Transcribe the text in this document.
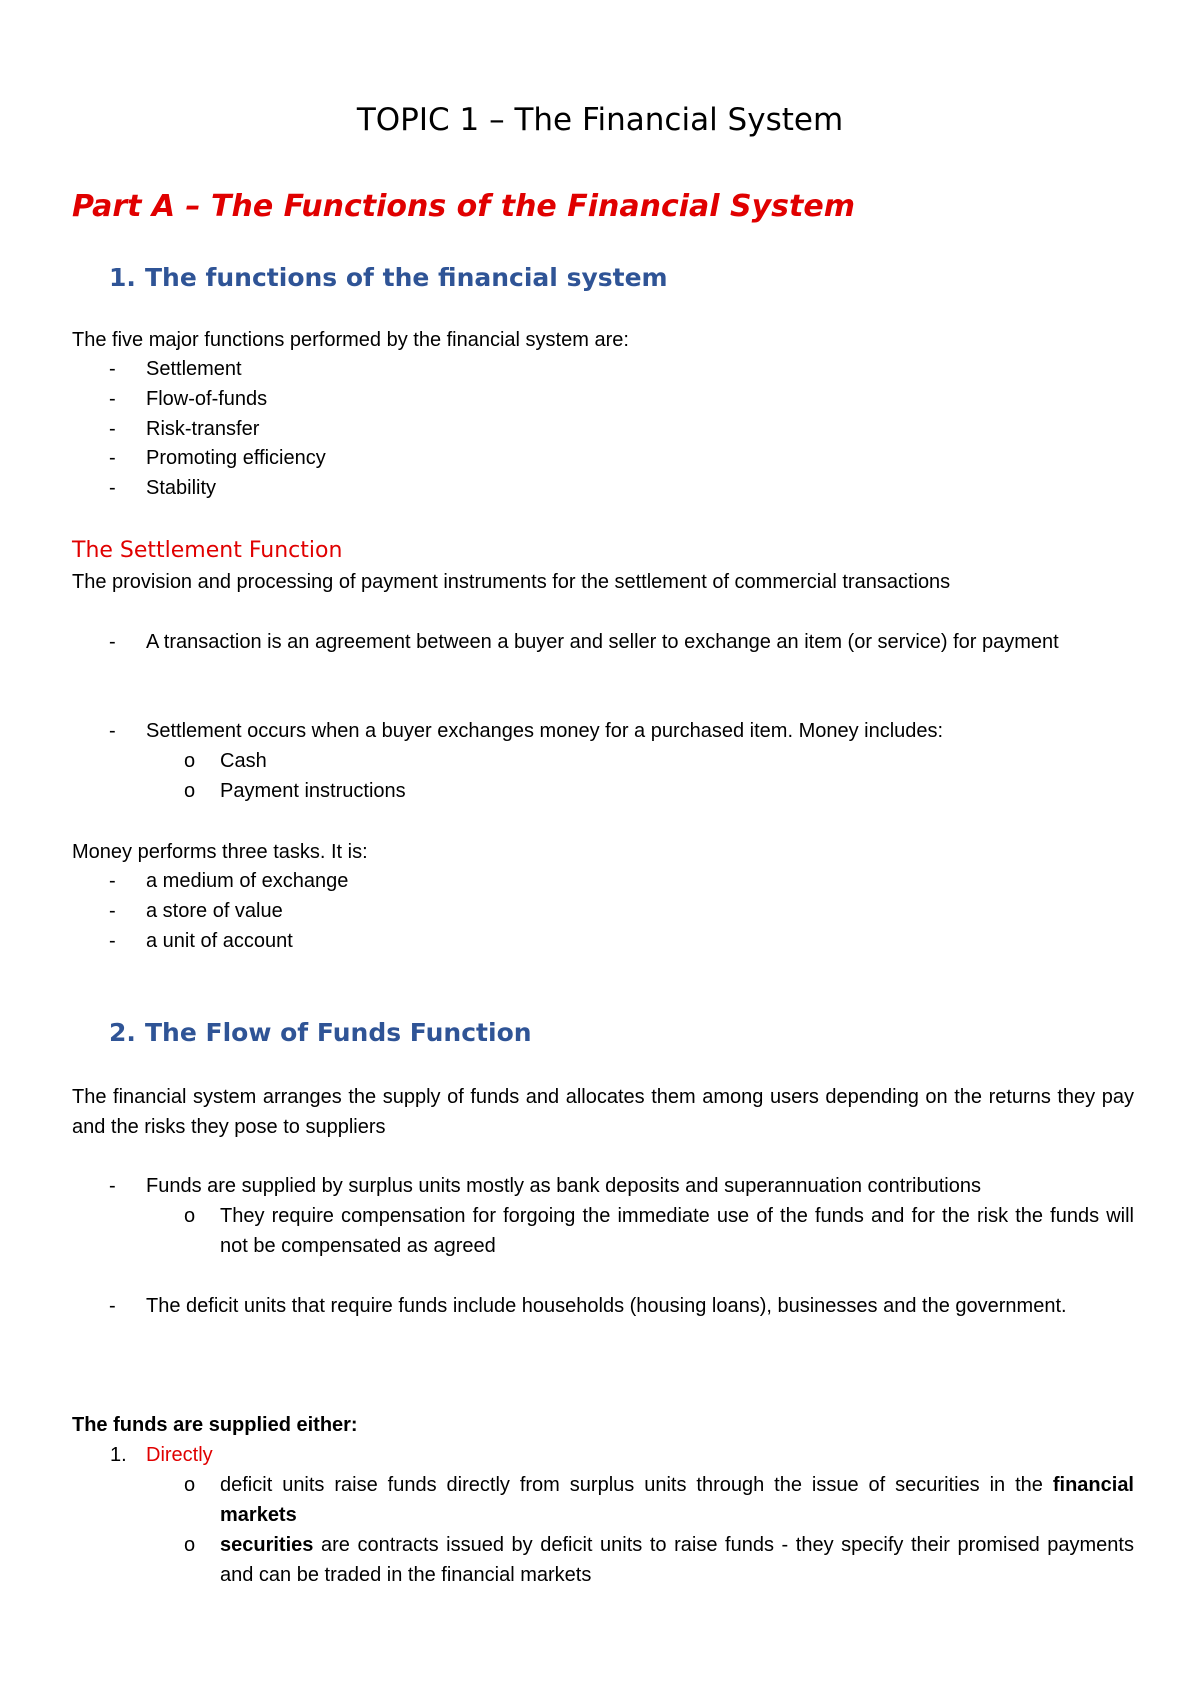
TOPIC 1 – The Financial System
Part A – The Functions of the Financial System
1. The functions of the financial system
The five major functions performed by the financial system are:
- Settlement
- Flow-of-funds
- Risk-transfer
- Promoting efficiency
- Stability
The Settlement Function
The provision and processing of payment instruments for the settlement of commercial transactions
- A transaction is an agreement between a buyer and seller to exchange an item (or service) for payment
- Settlement occurs when a buyer exchanges money for a purchased item. Money includes:
o Cash
o Payment instructions
Money performs three tasks. It is:
- a medium of exchange
- a store of value
- a unit of account
2. The Flow of Funds Function
The financial system arranges the supply of funds and allocates them among users depending on the returns they pay and the risks they pose to suppliers
- Funds are supplied by surplus units mostly as bank deposits and superannuation contributions
o They require compensation for forgoing the immediate use of the funds and for the risk the funds will not be compensated as agreed
- The deficit units that require funds include households (housing loans), businesses and the government.
The funds are supplied either:
1. Directly
o deficit units raise funds directly from surplus units through the issue of securities in the financial markets
o securities are contracts issued by deficit units to raise funds - they specify their promised payments and can be traded in the financial markets
